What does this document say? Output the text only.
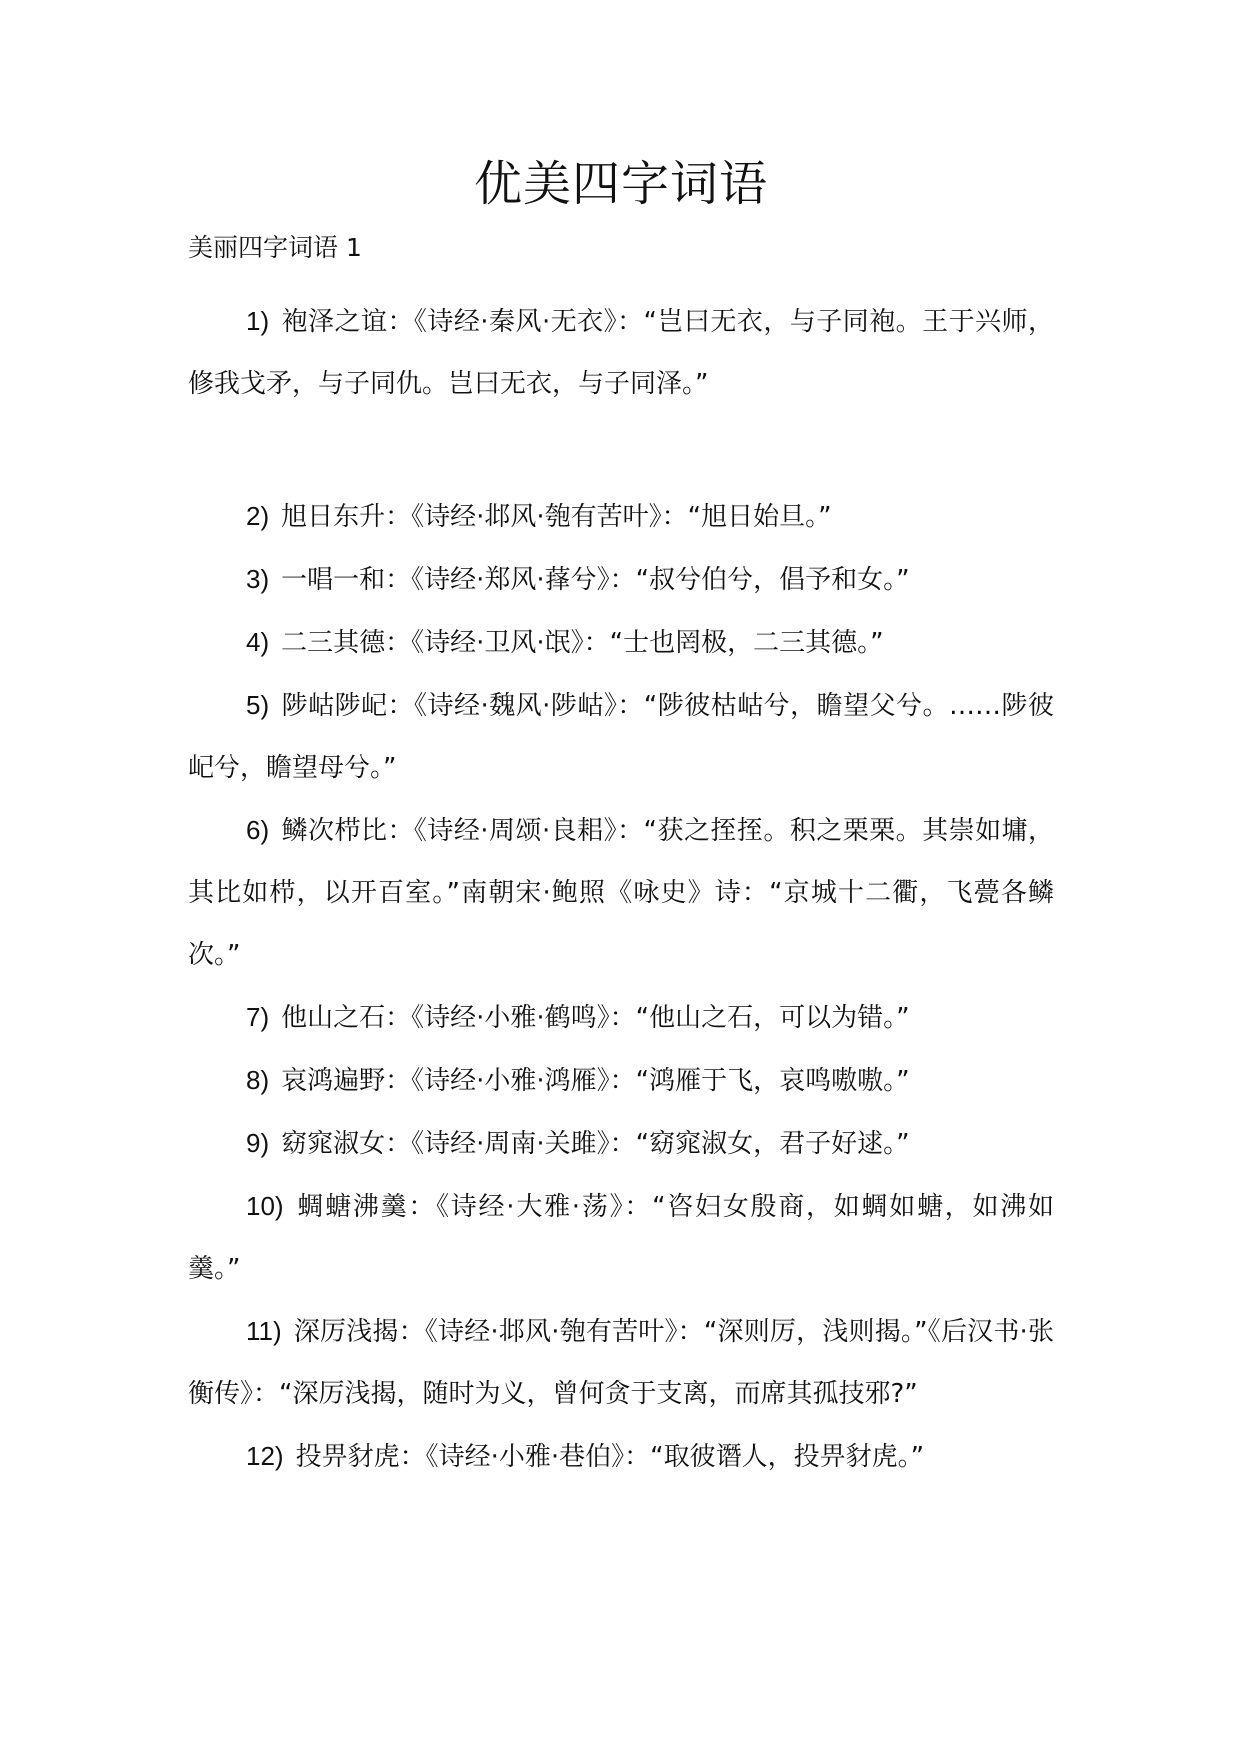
优美四字词语

美丽四字词语 1

1) 袍泽之谊：《诗经·秦风·无衣》：“岂曰无衣，与子同袍。王于兴师，修我戈矛，与子同仇。岂曰无衣，与子同泽。”
2) 旭日东升：《诗经·邶风·匏有苦叶》：“旭日始旦。”
3) 一唱一和：《诗经·郑风·萚兮》：“叔兮伯兮，倡予和女。”
4) 二三其德：《诗经·卫风·氓》：“士也罔极，二三其德。”
5) 陟岵陟屺：《诗经·魏风·陟岵》：“陟彼枯岵兮，瞻望父兮。……陟彼屺兮，瞻望母兮。”
6) 鳞次栉比：《诗经·周颂·良耜》：“获之挃挃。积之栗栗。其崇如墉，其比如栉，以开百室。”南朝宋·鲍照《咏史》诗：“京城十二衢，飞甍各鳞次。”
7) 他山之石：《诗经·小雅·鹤鸣》：“他山之石，可以为错。”
8) 哀鸿遍野：《诗经·小雅·鸿雁》：“鸿雁于飞，哀鸣嗷嗷。”
9) 窈窕淑女：《诗经·周南·关雎》：“窈窕淑女，君子好逑。”
10) 蜩螗沸羹：《诗经·大雅·荡》：“咨妇女殷商，如蜩如螗，如沸如羹。”
11) 深厉浅揭：《诗经·邶风·匏有苦叶》：“深则厉，浅则揭。”《后汉书·张衡传》：“深厉浅揭，随时为义，曾何贪于支离，而席其孤技邪?”
12) 投畀豺虎：《诗经·小雅·巷伯》：“取彼谮人，投畀豺虎。”
